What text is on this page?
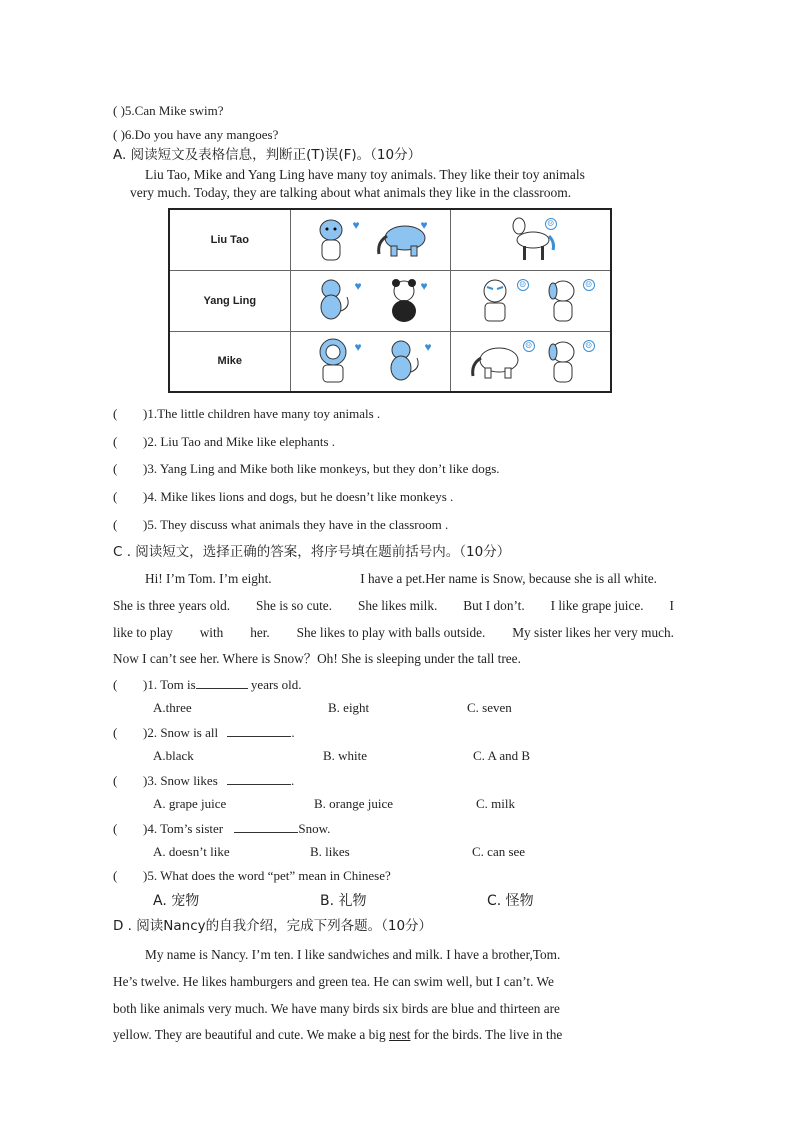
( )5.Can Mike swim?
( )6.Do you have any mangoes?
A. 阅读短文及表格信息，判断正(T)误(F)。（10分）
Liu Tao, Mike and Yang Ling have many toy animals. They like their toy animals
very much. Today, they are talking about what animals they like in the classroom.
Liu Tao	♥ ♥	☹

Yang Ling	♥ ♥	☹ ☹

Mike	♥ ♥	☹ ☹
( )1.The little children have many toy animals .
( )2. Liu Tao and Mike like elephants .
( )3. Yang Ling and Mike both like monkeys, but they don’t like dogs.
( )4. Mike likes lions and dogs, but he doesn’t like monkeys .
( )5. They discuss what animals they have in the classroom .
C . 阅读短文，选择正确的答案，将序号填在题前括号内。（10分）
Hi! I’m Tom. I’m eight.	I have a pet.Her name is Snow, because she is all white.
She is three years old. She is so cute. She likes milk. But I don’t. I like grape juice. I
like to play with her. She likes to play with balls outside. My sister likes her very much.
Now I can’t see her. Where is Snow？Oh! She is sleeping under the tall tree.
( )1. Tom is	years old.
A.three	B. eight	C. seven
( )2. Snow is all	.
A.black	B. white	C. A and B
( )3. Snow likes	.
A. grape juice	B. orange juice	C. milk
( )4. Tom’s sister	Snow.
A. doesn’t like	B. likes	C. can see
( )5. What does the word “pet” mean in Chinese?
A. 宠物	B. 礼物	C. 怪物
D . 阅读Nancy的自我介绍，完成下列各题。（10分）
My name is Nancy. I’m ten. I like sandwiches and milk. I have a brother,Tom.
He’s twelve. He likes hamburgers and green tea. He can swim well, but I can’t. We
both like animals very much. We have many birds six birds are blue and thirteen are
yellow. They are beautiful and cute. We make a big nest for the birds. The live in the
